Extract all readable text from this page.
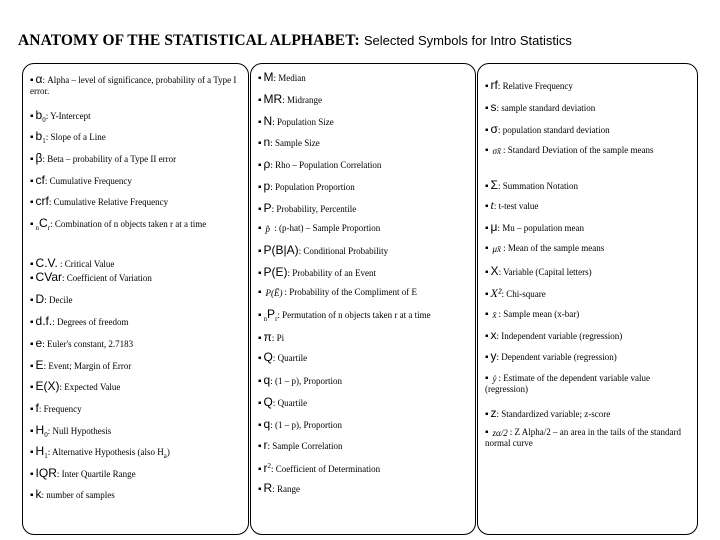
ANATOMY OF THE STATISTICAL ALPHABET: Selected Symbols for Intro Statistics
▪ α: Alpha – level of significance, probability of a Type I error.
▪ $b_0$: Y-Intercept
▪ $b_1$: Slope of a Line
▪ β: Beta – probability of a Type II error
▪ cf: Cumulative Frequency
▪ crf: Cumulative Relative Frequency
▪ $_nC_r$: Combination of n objects taken r at a time
▪ C.V. : Critical Value
▪ CVar: Coefficient of Variation
▪ D: Decile
▪ d.f.: Degrees of freedom
▪ e: Euler's constant, 2.7183
▪ E: Event; Margin of Error
▪ E(X): Expected Value
▪ f: Frequency
▪ $H_0$: Null Hypothesis
▪ $H_1$: Alternative Hypothesis (also $H_a$)
▪ IQR: Inter Quartile Range
▪ k: number of samples
▪ M: Median
▪ MR: Midrange
▪ N: Population Size
▪ n: Sample Size
▪ ρ: Rho – Population Correlation
▪ p: Population Proportion
▪ P: Probability, Percentile
▪ p̂ : (p-hat) – Sample Proportion
▪ P(B|A): Conditional Probability
▪ P(E): Probability of an Event
▪ P(Ē) : Probability of the Compliment of E
▪ $_nP_r$: Permutation of n objects taken r at a time
▪ π: Pi
▪ Q: Quartile
▪ q: (1 – p), Proportion
▪ Q: Quartile
▪ q: (1 – p), Proportion
▪ r: Sample Correlation
▪ $r^2$: Coefficient of Determination
▪ R: Range
▪ rf: Relative Frequency
▪ s: sample standard deviation
▪ σ: population standard deviation
▪ σx̄ : Standard Deviation of the sample means
▪ Σ: Summation Notation
▪ t: t-test value
▪ μ: Mu – population mean
▪ μx̄ : Mean of the sample means
▪ X: Variable (Capital letters)
▪ X²: Chi-square
▪ x̄ : Sample mean (x-bar)
▪ x: Independent variable (regression)
▪ y: Dependent variable (regression)
▪ ŷ : Estimate of the dependent variable value (regression)
▪ z: Standardized variable; z-score
▪ zα/2 : Z Alpha/2 – an area in the tails of the standard normal curve
